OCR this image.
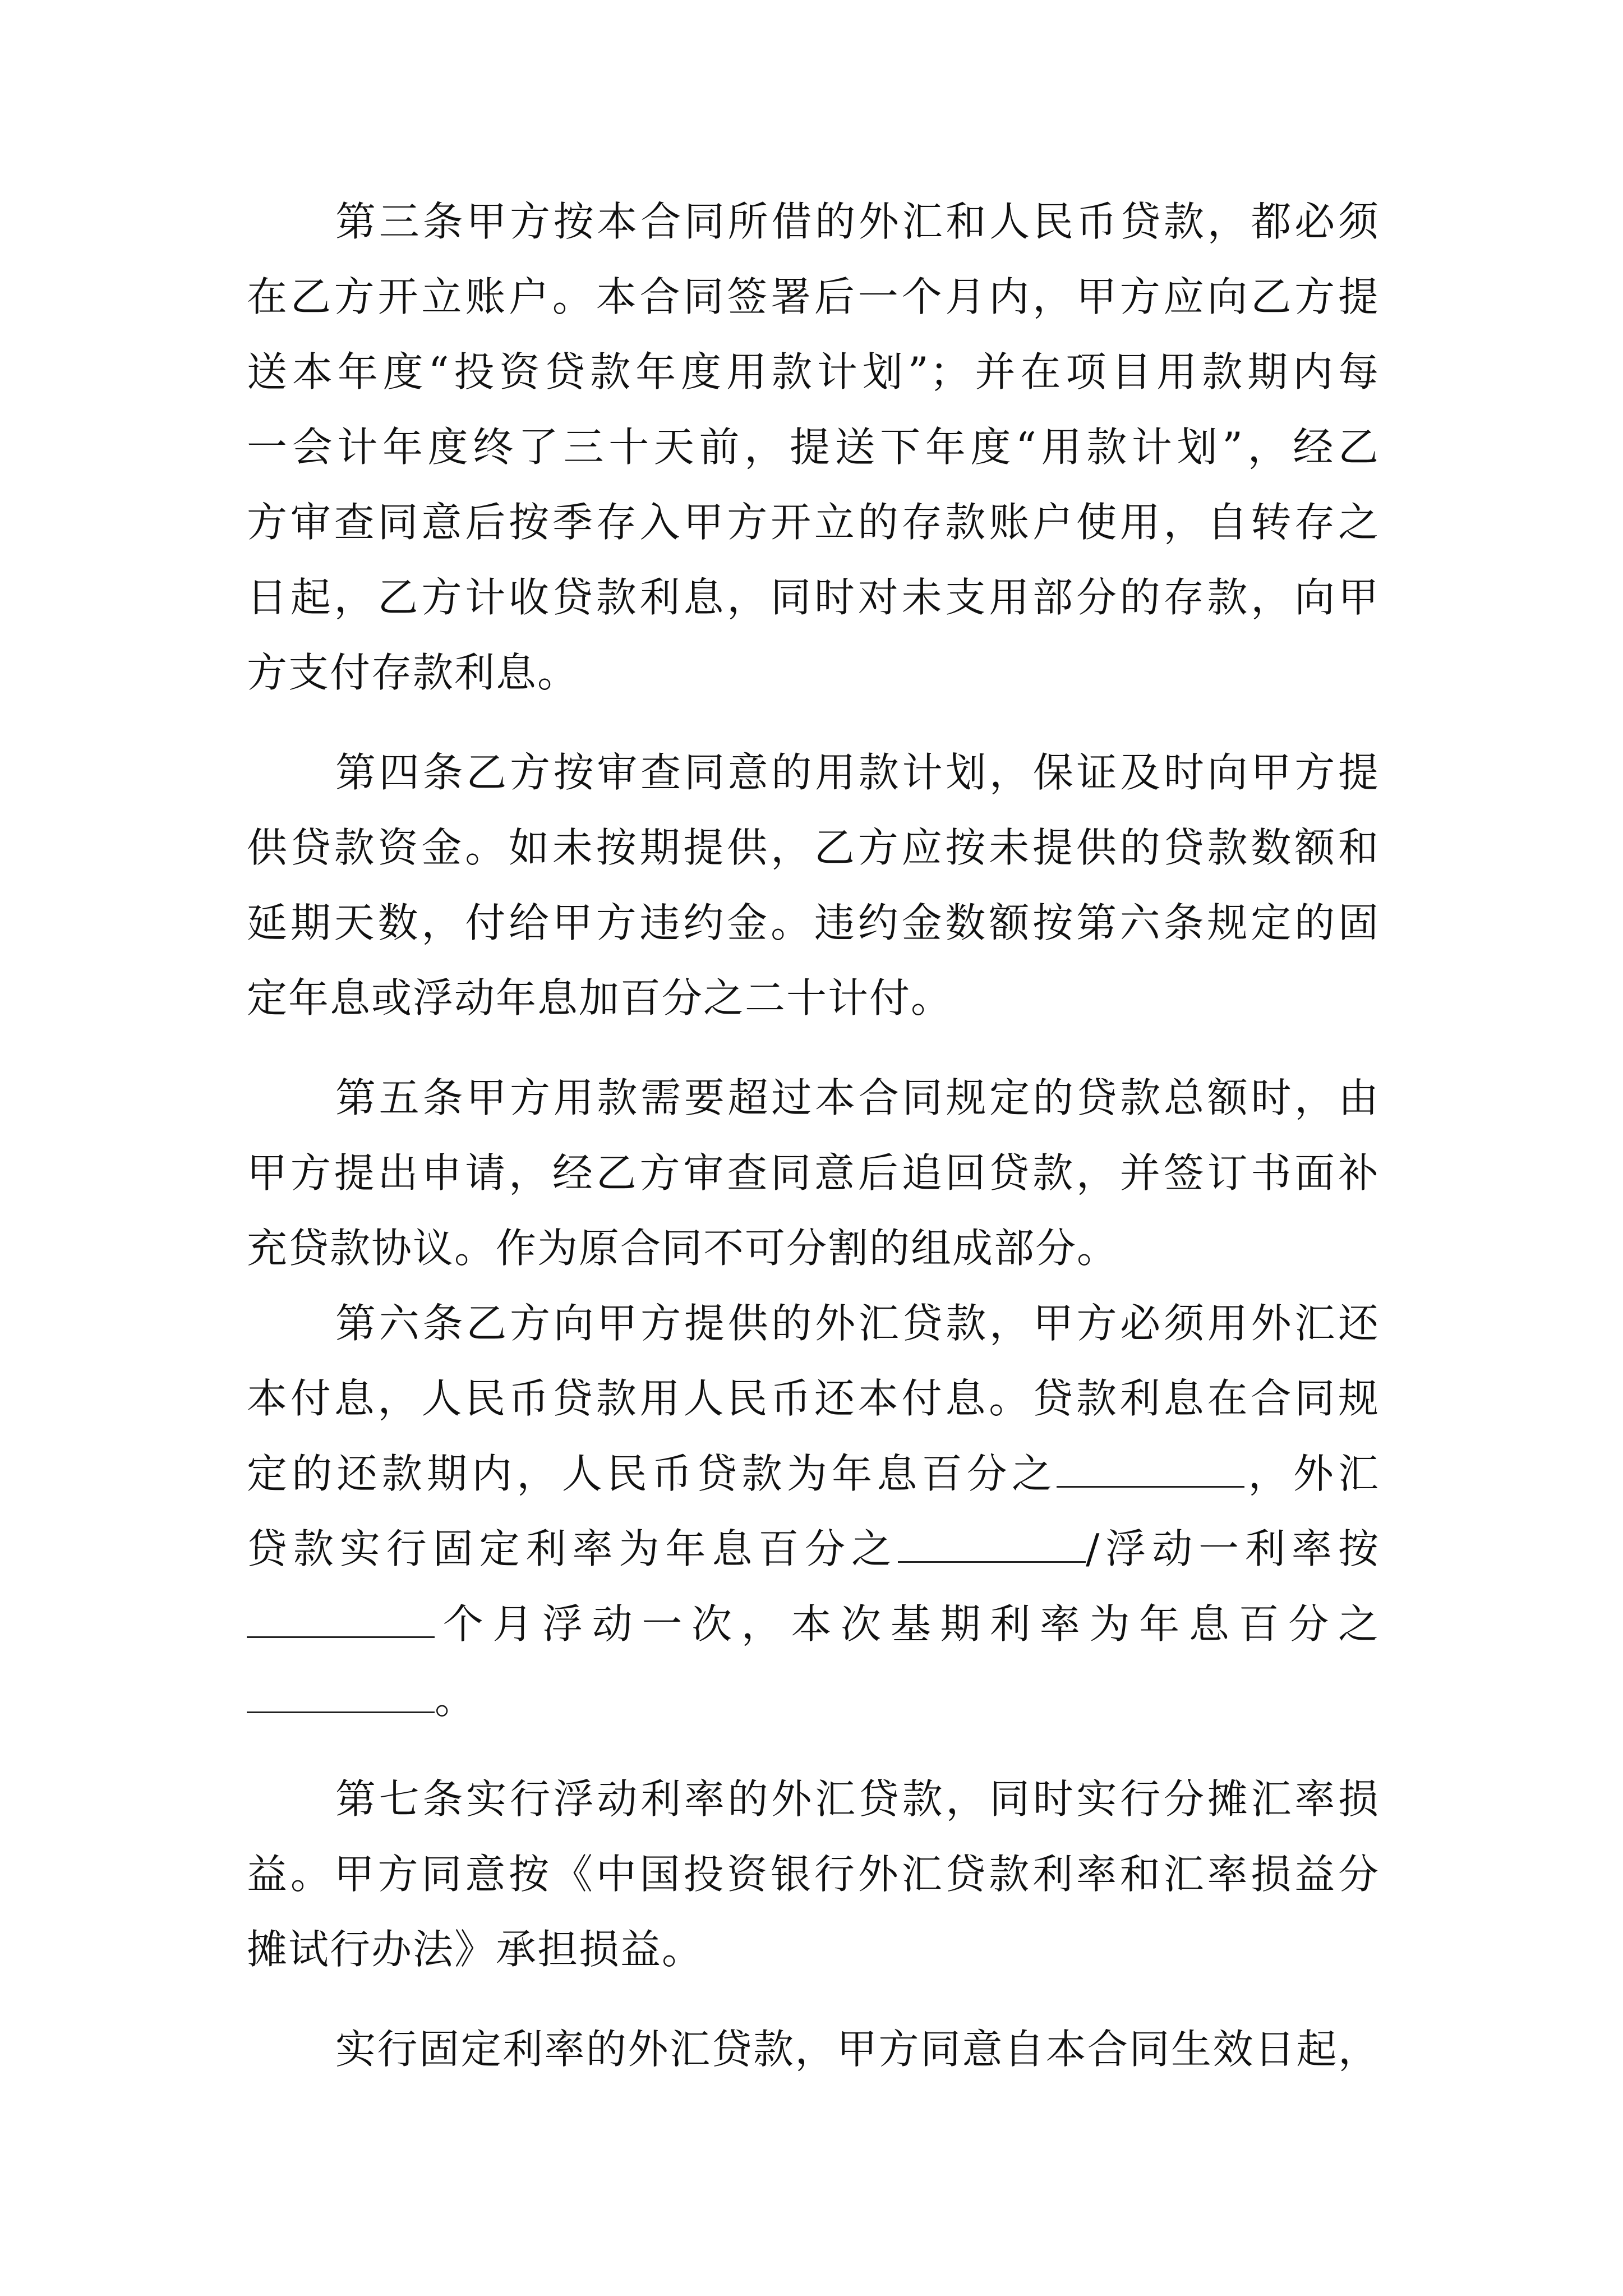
第三条甲方按本合同所借的外汇和人民币贷款，都必须
在乙方开立账户。本合同签署后一个月内，甲方应向乙方提
送本年度“投资贷款年度用款计划”；并在项目用款期内每
一会计年度终了三十天前，提送下年度“用款计划”，经乙
方审查同意后按季存入甲方开立的存款账户使用，自转存之
日起，乙方计收贷款利息，同时对未支用部分的存款，向甲
方支付存款利息。
第四条乙方按审查同意的用款计划，保证及时向甲方提
供贷款资金。如未按期提供，乙方应按未提供的贷款数额和
延期天数，付给甲方违约金。违约金数额按第六条规定的固
定年息或浮动年息加百分之二十计付。
第五条甲方用款需要超过本合同规定的贷款总额时，由
甲方提出申请，经乙方审查同意后追回贷款，并签订书面补
充贷款协议。作为原合同不可分割的组成部分。
第六条乙方向甲方提供的外汇贷款，甲方必须用外汇还
本付息，人民币贷款用人民币还本付息。贷款利息在合同规
定的还款期内，人民币贷款为年息百分之	，外汇
贷款实行固定利率为年息百分之	/浮动一利率按
个月浮动一次，本次基期利率为年息百分之
。
第七条实行浮动利率的外汇贷款，同时实行分摊汇率损
益。甲方同意按《中国投资银行外汇贷款利率和汇率损益分
摊试行办法》承担损益。
实行固定利率的外汇贷款，甲方同意自本合同生效日起，
